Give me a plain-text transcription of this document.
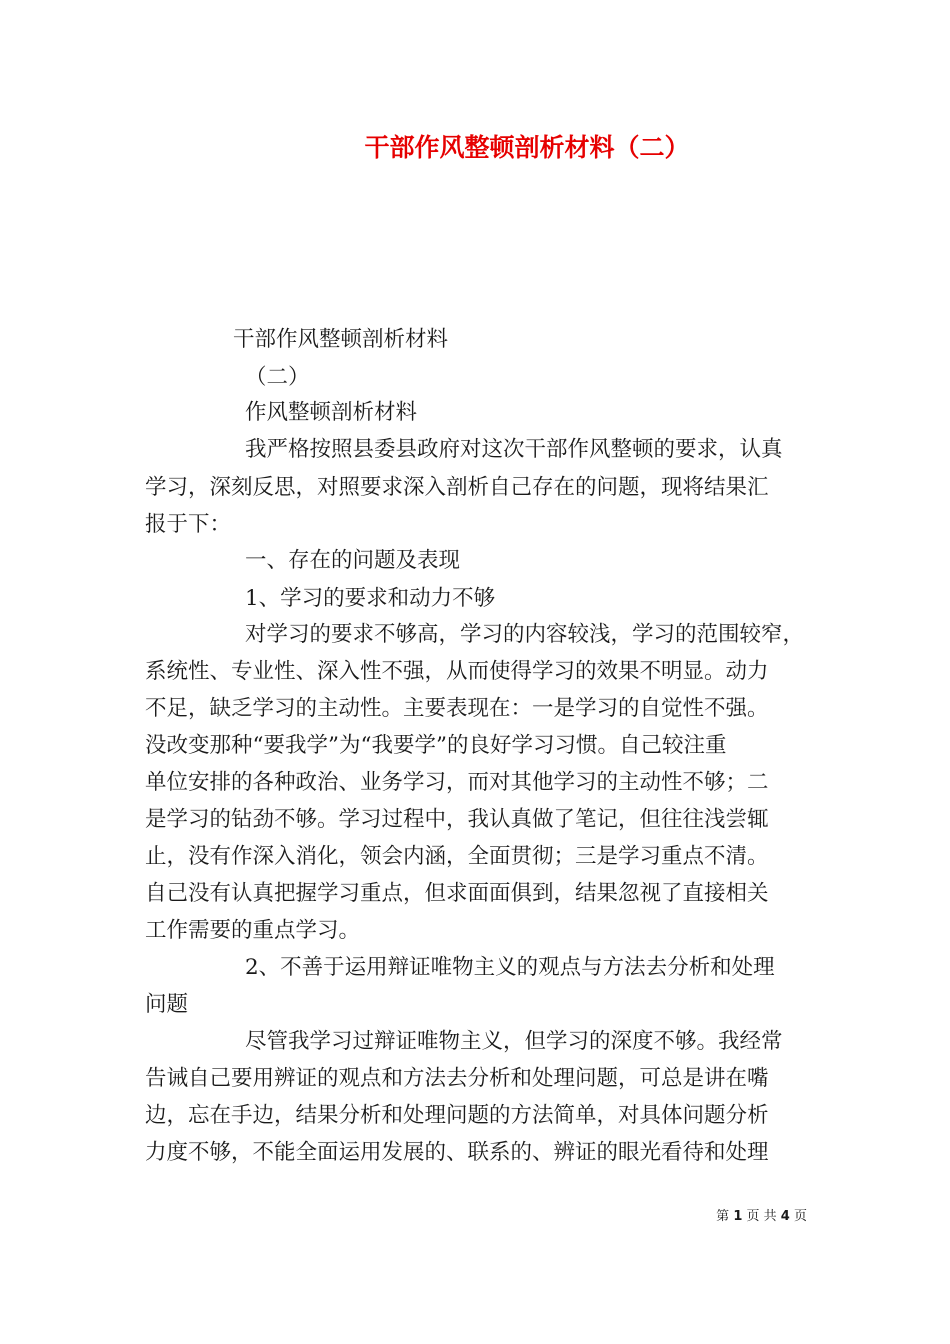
干部作风整顿剖析材料（二）
干部作风整顿剖析材料
（二）
作风整顿剖析材料
我严格按照县委县政府对这次干部作风整顿的要求，认真
学习，深刻反思，对照要求深入剖析自己存在的问题，现将结果汇
报于下：
一、存在的问题及表现
1、学习的要求和动力不够
对学习的要求不够高，学习的内容较浅，学习的范围较窄，
系统性、专业性、深入性不强，从而使得学习的效果不明显。动力
不足，缺乏学习的主动性。主要表现在：一是学习的自觉性不强。
没改变那种“要我学”为“我要学”的良好学习习惯。自己较注重
单位安排的各种政治、业务学习，而对其他学习的主动性不够；二
是学习的钻劲不够。学习过程中，我认真做了笔记，但往往浅尝辄
止，没有作深入消化，领会内涵，全面贯彻；三是学习重点不清。
自己没有认真把握学习重点，但求面面俱到，结果忽视了直接相关
工作需要的重点学习。
2、不善于运用辩证唯物主义的观点与方法去分析和处理
问题
尽管我学习过辩证唯物主义，但学习的深度不够。我经常
告诫自己要用辨证的观点和方法去分析和处理问题，可总是讲在嘴
边，忘在手边，结果分析和处理问题的方法简单，对具体问题分析
力度不够，不能全面运用发展的、联系的、辨证的眼光看待和处理
第 1 页 共 4 页
